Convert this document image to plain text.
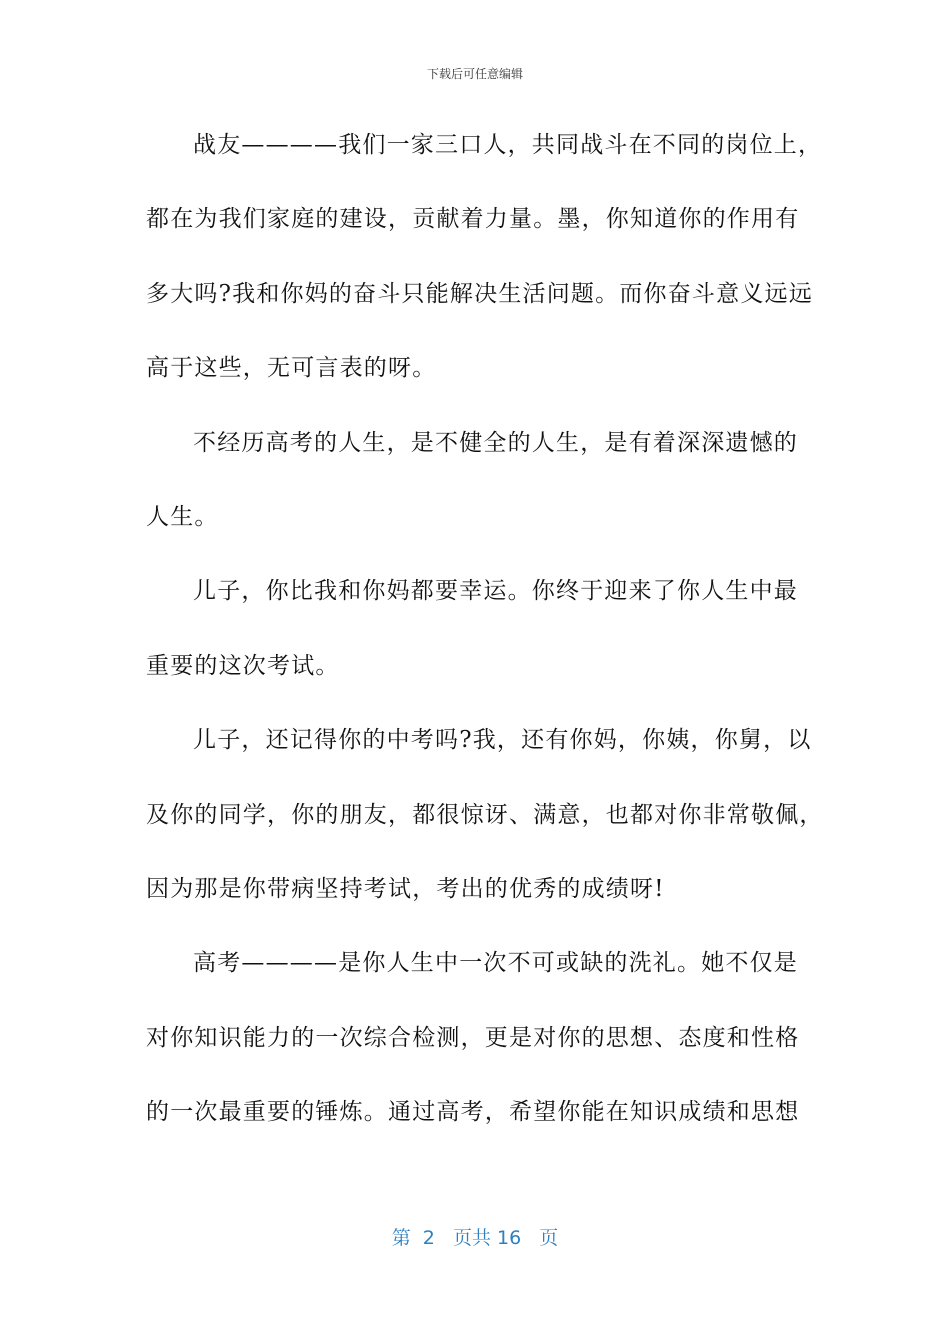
下载后可任意编辑
战友————我们一家三口人，共同战斗在不同的岗位上，
都在为我们家庭的建设，贡献着力量。墨，你知道你的作用有
多大吗?我和你妈的奋斗只能解决生活问题。而你奋斗意义远远
高于这些，无可言表的呀。
不经历高考的人生，是不健全的人生，是有着深深遗憾的
人生。
儿子，你比我和你妈都要幸运。你终于迎来了你人生中最
重要的这次考试。
儿子，还记得你的中考吗?我，还有你妈，你姨，你舅，以
及你的同学，你的朋友，都很惊讶、满意，也都对你非常敬佩，
因为那是你带病坚持考试，考出的优秀的成绩呀!
高考————是你人生中一次不可或缺的洗礼。她不仅是
对你知识能力的一次综合检测，更是对你的思想、态度和性格
的一次最重要的锤炼。通过高考，希望你能在知识成绩和思想
第  2   页共 16   页
